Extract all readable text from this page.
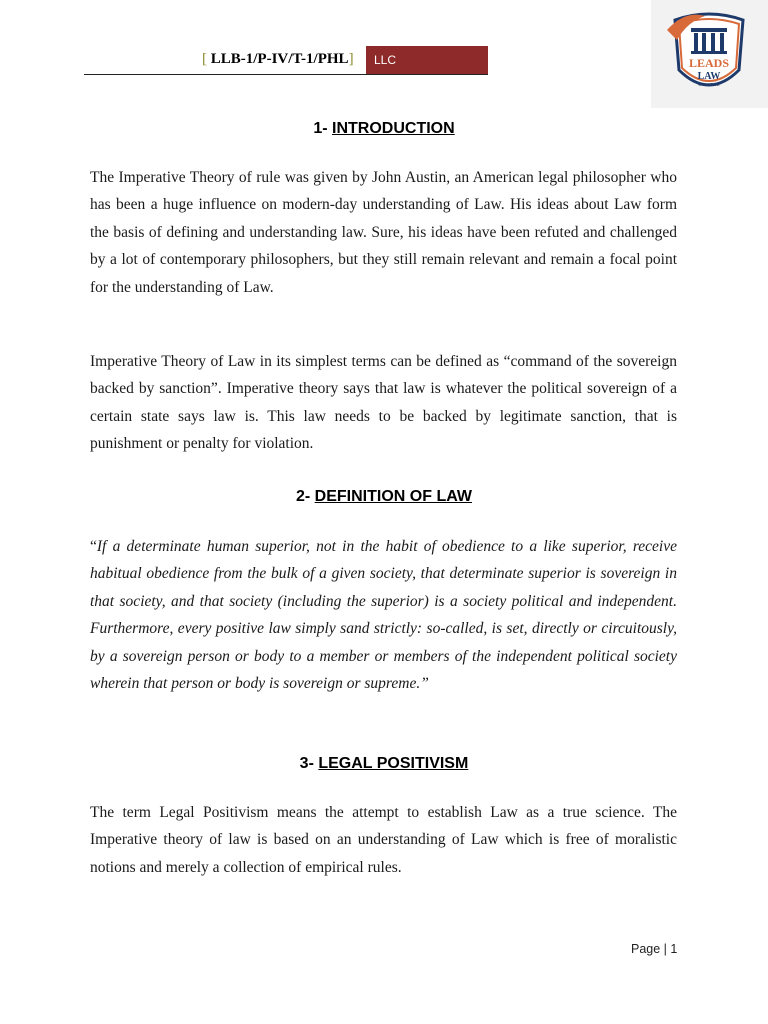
[ LLB-1/P-IV/T-1/PHL]	LLC	LEADS
LAW
COLLEGE
1- INTRODUCTION

The Imperative Theory of rule was given by John Austin, an American legal philosopher who has been a huge influence on modern-day understanding of Law. His ideas about Law form the basis of defining and understanding law. Sure, his ideas have been refuted and challenged by a lot of contemporary philosophers, but they still remain relevant and remain a focal point for the understanding of Law.

Imperative Theory of Law in its simplest terms can be defined as “command of the sovereign backed by sanction”. Imperative theory says that law is whatever the political sovereign of a certain state says law is. This law needs to be backed by legitimate sanction, that is punishment or penalty for violation.

2- DEFINITION OF LAW

“If a determinate human superior, not in the habit of obedience to a like superior, receive habitual obedience from the bulk of a given society, that determinate superior is sovereign in that society, and that society (including the superior) is a society political and independent. Furthermore, every positive law simply sand strictly: so-called, is set, directly or circuitously, by a sovereign person or body to a member or members of the independent political society wherein that person or body is sovereign or supreme.”

3- LEGAL POSITIVISM

The term Legal Positivism means the attempt to establish Law as a true science. The Imperative theory of law is based on an understanding of Law which is free of moralistic notions and merely a collection of empirical rules.

Page | 1
